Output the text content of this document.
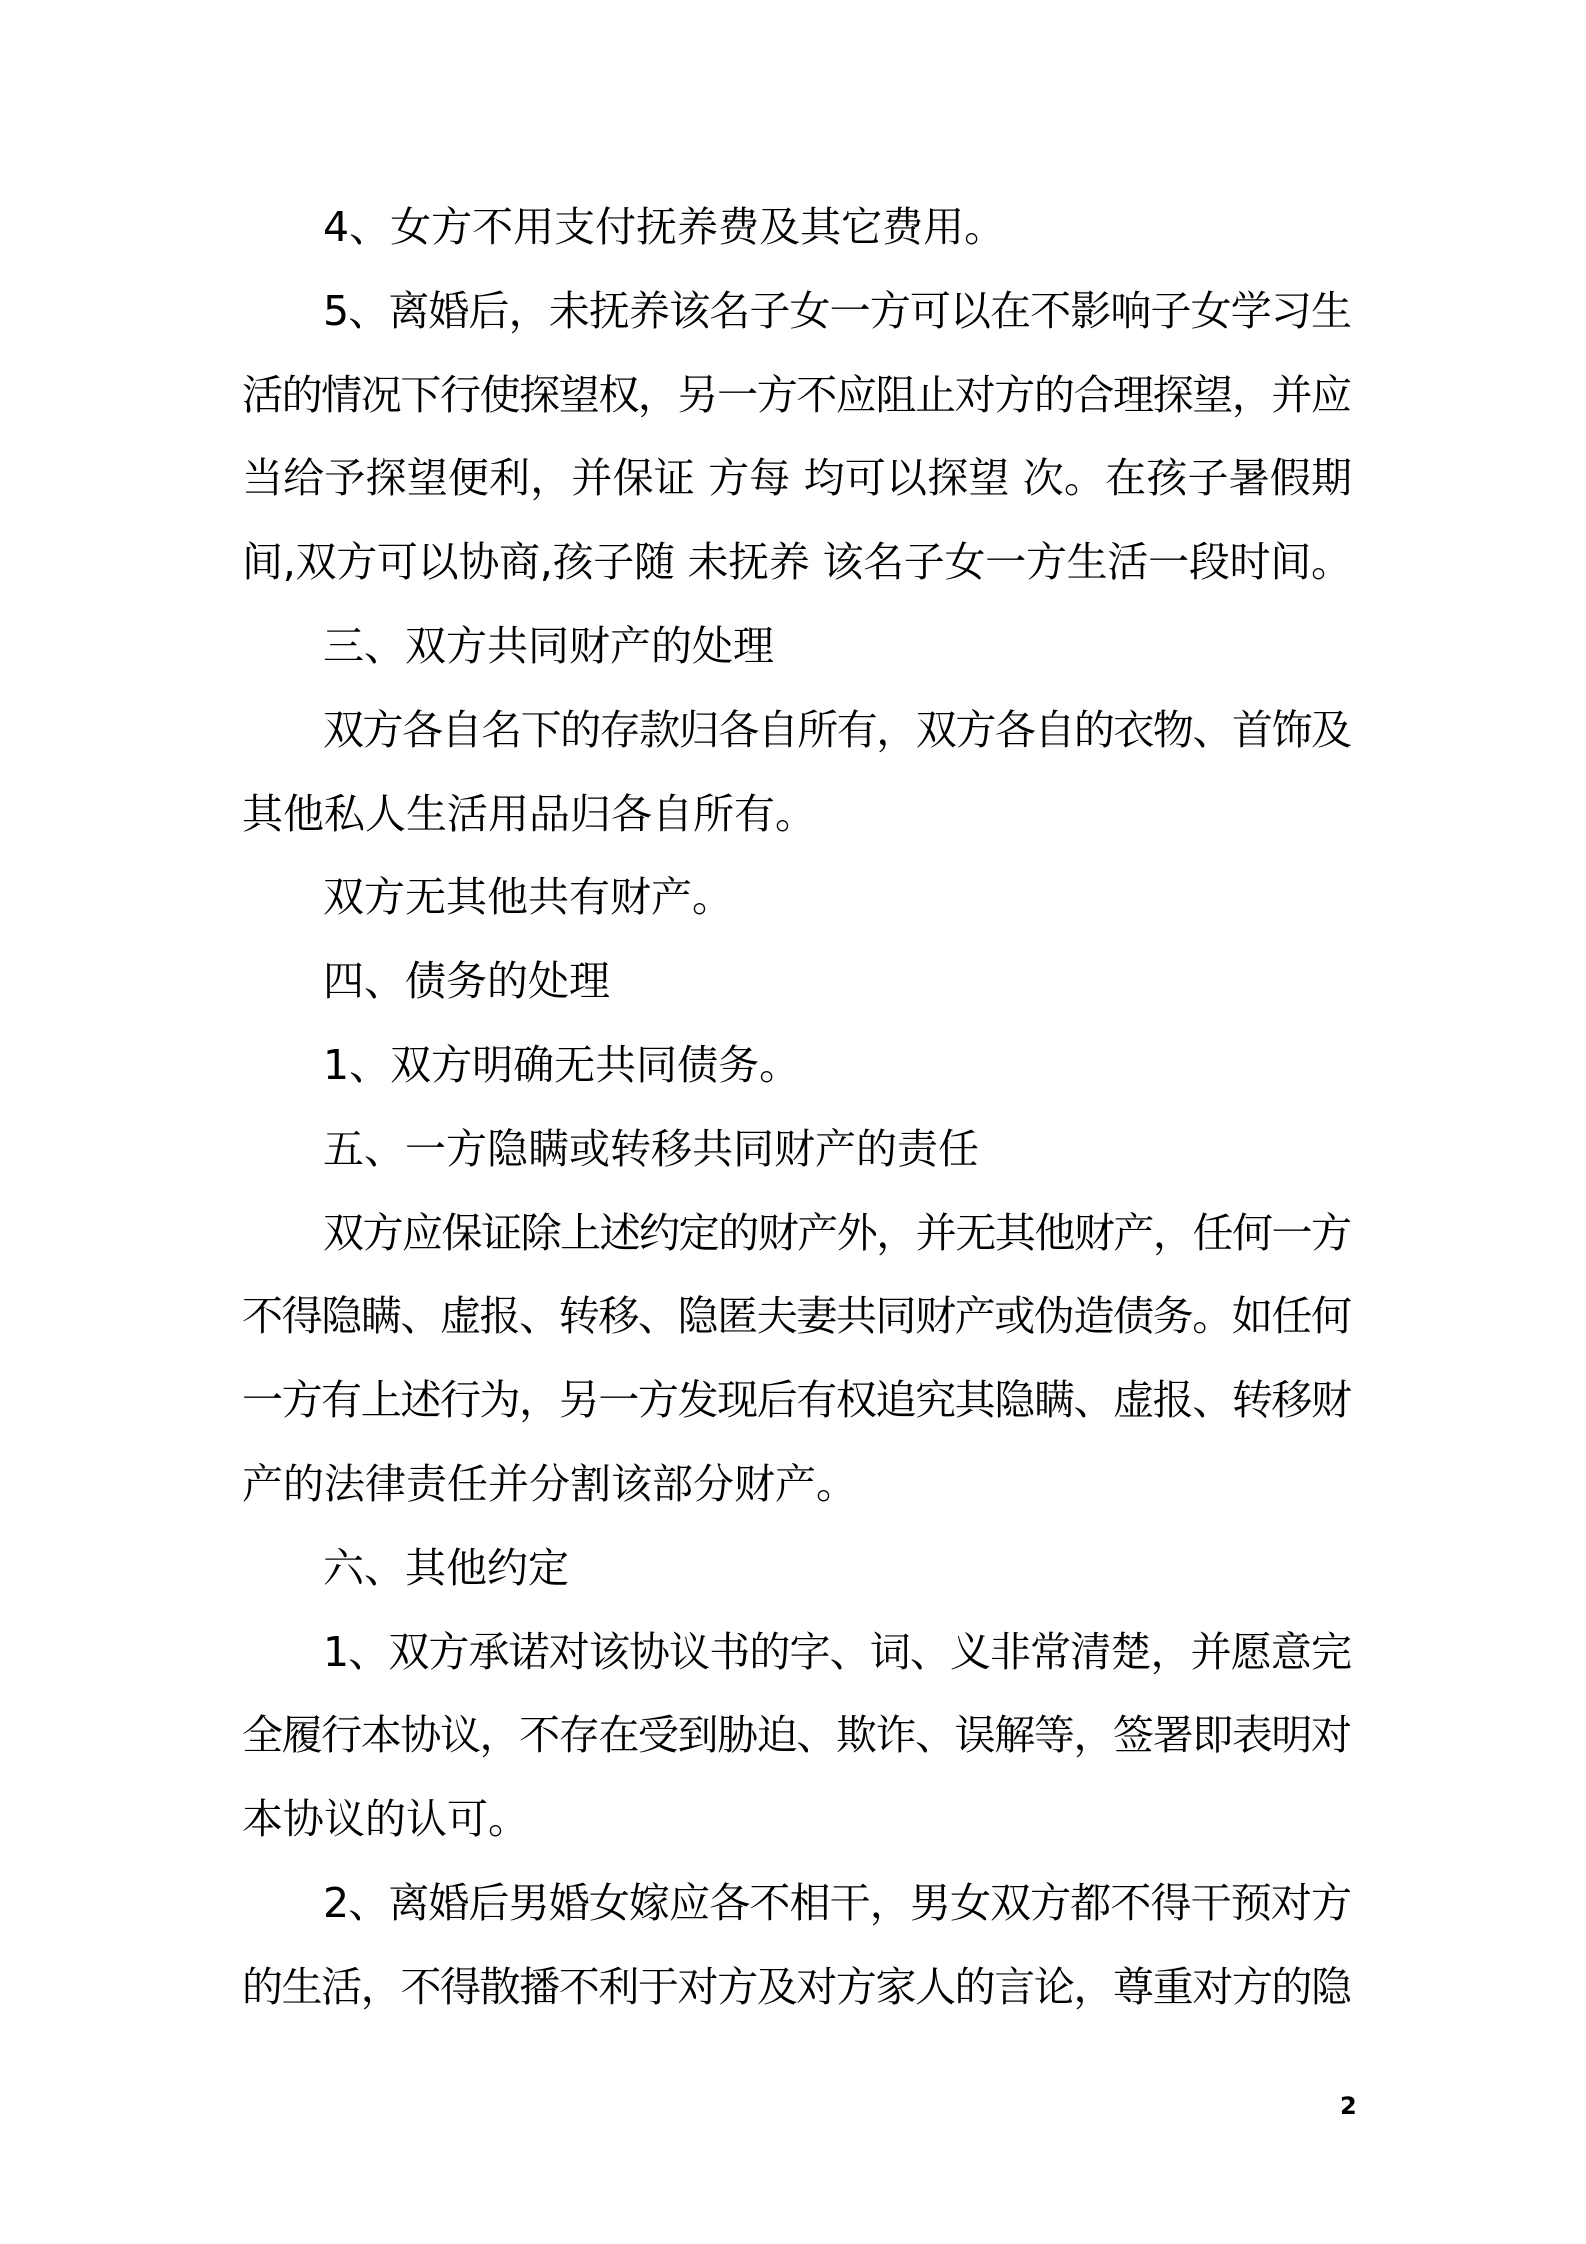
4、女方不用支付抚养费及其它费用。
5、离婚后，未抚养该名子女一方可以在不影响子女学习生
活的情况下行使探望权，另一方不应阻止对方的合理探望，并应
当给予探望便利，并保证 方每 均可以探望 次。在孩子暑假期
间,双方可以协商,孩子随 未抚养 该名子女一方生活一段时间。
三、双方共同财产的处理
双方各自名下的存款归各自所有，双方各自的衣物、首饰及
其他私人生活用品归各自所有。
双方无其他共有财产。
四、债务的处理
1、双方明确无共同债务。
五、一方隐瞒或转移共同财产的责任
双方应保证除上述约定的财产外，并无其他财产，任何一方
不得隐瞒、虚报、转移、隐匿夫妻共同财产或伪造债务。如任何
一方有上述行为，另一方发现后有权追究其隐瞒、虚报、转移财
产的法律责任并分割该部分财产。
六、其他约定
1、双方承诺对该协议书的字、词、义非常清楚，并愿意完
全履行本协议，不存在受到胁迫、欺诈、误解等，签署即表明对
本协议的认可。
2、离婚后男婚女嫁应各不相干，男女双方都不得干预对方
的生活，不得散播不利于对方及对方家人的言论，尊重对方的隐
2
